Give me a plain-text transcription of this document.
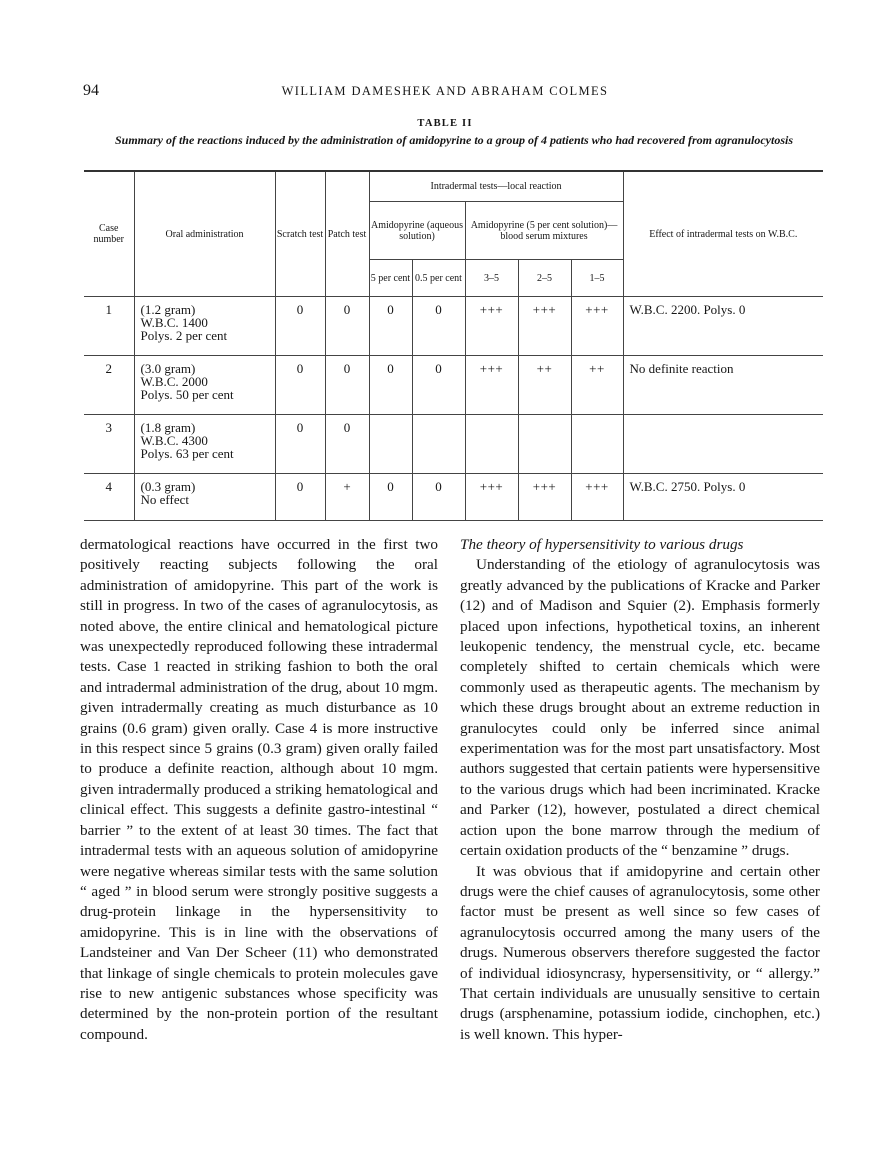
94	WILLIAM DAMESHEK AND ABRAHAM COLMES
TABLE II
Summary of the reactions induced by the administration of amidopyrine to a group of 4 patients who had recovered from agranulocytosis
Case number	Oral administration	Scratch test	Patch test	Intradermal tests—local reaction					Effect of intradermal tests on W.B.C.
				Amidopyrine (aqueous solution)		Amidopyrine (5 per cent solution)—blood serum mixtures			
				5 per cent	0.5 per cent	3–5	2–5	1–5	
1	(1.2 gram)
W.B.C. 1400
Polys. 2 per cent	0	0	0	0	+++	+++	+++	W.B.C. 2200. Polys. 0
2	(3.0 gram)
W.B.C. 2000
Polys. 50 per cent	0	0	0	0	+++	++	++	No definite reaction
3	(1.8 gram)
W.B.C. 4300
Polys. 63 per cent	0	0						
4	(0.3 gram)
No effect	0	+	0	0	+++	+++	+++	W.B.C. 2750. Polys. 0

dermatological reactions have occurred in the first two positively reacting subjects following the oral administration of amidopyrine. This part of the work is still in progress. In two of the cases of agranulocytosis, as noted above, the entire clinical and hematological picture was unexpectedly reproduced following these intradermal tests. Case 1 reacted in striking fashion to both the oral and intradermal administration of the drug, about 10 mgm. given intradermally creating as much disturbance as 10 grains (0.6 gram) given orally. Case 4 is more instructive in this respect since 5 grains (0.3 gram) given orally failed to produce a definite reaction, although about 10 mgm. given intradermally produced a striking hematological and clinical effect. This suggests a definite gastro-intestinal “ barrier ” to the extent of at least 30 times. The fact that intradermal tests with an aqueous solution of amidopyrine were negative whereas similar tests with the same solution “ aged ” in blood serum were strongly positive suggests a drug-protein linkage in the hypersensitivity to amidopyrine. This is in line with the observations of Landsteiner and Van Der Scheer (11) who demonstrated that linkage of single chemicals to protein molecules gave rise to new antigenic substances whose specificity was determined by the non-protein portion of the resultant compound.

The theory of hypersensitivity to various drugs

Understanding of the etiology of agranulocytosis was greatly advanced by the publications of Kracke and Parker (12) and of Madison and Squier (2). Emphasis formerly placed upon infections, hypothetical toxins, an inherent leukopenic tendency, the menstrual cycle, etc. became completely shifted to certain chemicals which were commonly used as therapeutic agents. The mechanism by which these drugs brought about an extreme reduction in granulocytes could only be inferred since animal experimentation was for the most part unsatisfactory. Most authors suggested that certain patients were hypersensitive to the various drugs which had been incriminated. Kracke and Parker (12), however, postulated a direct chemical action upon the bone marrow through the medium of certain oxidation products of the “ benzamine ” drugs.

It was obvious that if amidopyrine and certain other drugs were the chief causes of agranulocytosis, some other factor must be present as well since so few cases of agranulocytosis occurred among the many users of the drugs. Numerous observers therefore suggested the factor of individual idiosyncrasy, hypersensitivity, or “ allergy.” That certain individuals are unusually sensitive to certain drugs (arsphenamine, potassium iodide, cinchophen, etc.) is well known. This hyper-
